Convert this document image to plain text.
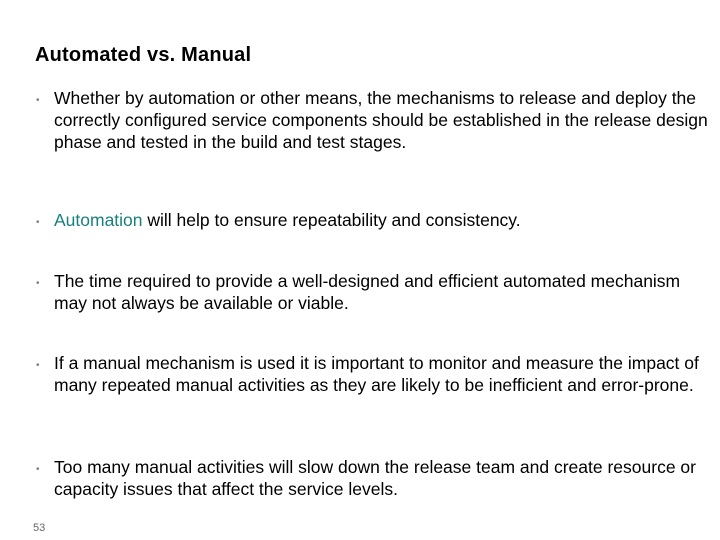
Automated vs. Manual
• Whether by automation or other means, the mechanisms to release and deploy the correctly configured service components should be established in the release design phase and tested in the build and test stages.
• Automation will help to ensure repeatability and consistency.
• The time required to provide a well-designed and efficient automated mechanism may not always be available or viable.
• If a manual mechanism is used it is important to monitor and measure the impact of many repeated manual activities as they are likely to be inefficient and error-prone.
• Too many manual activities will slow down the release team and create resource or capacity issues that affect the service levels.
53
